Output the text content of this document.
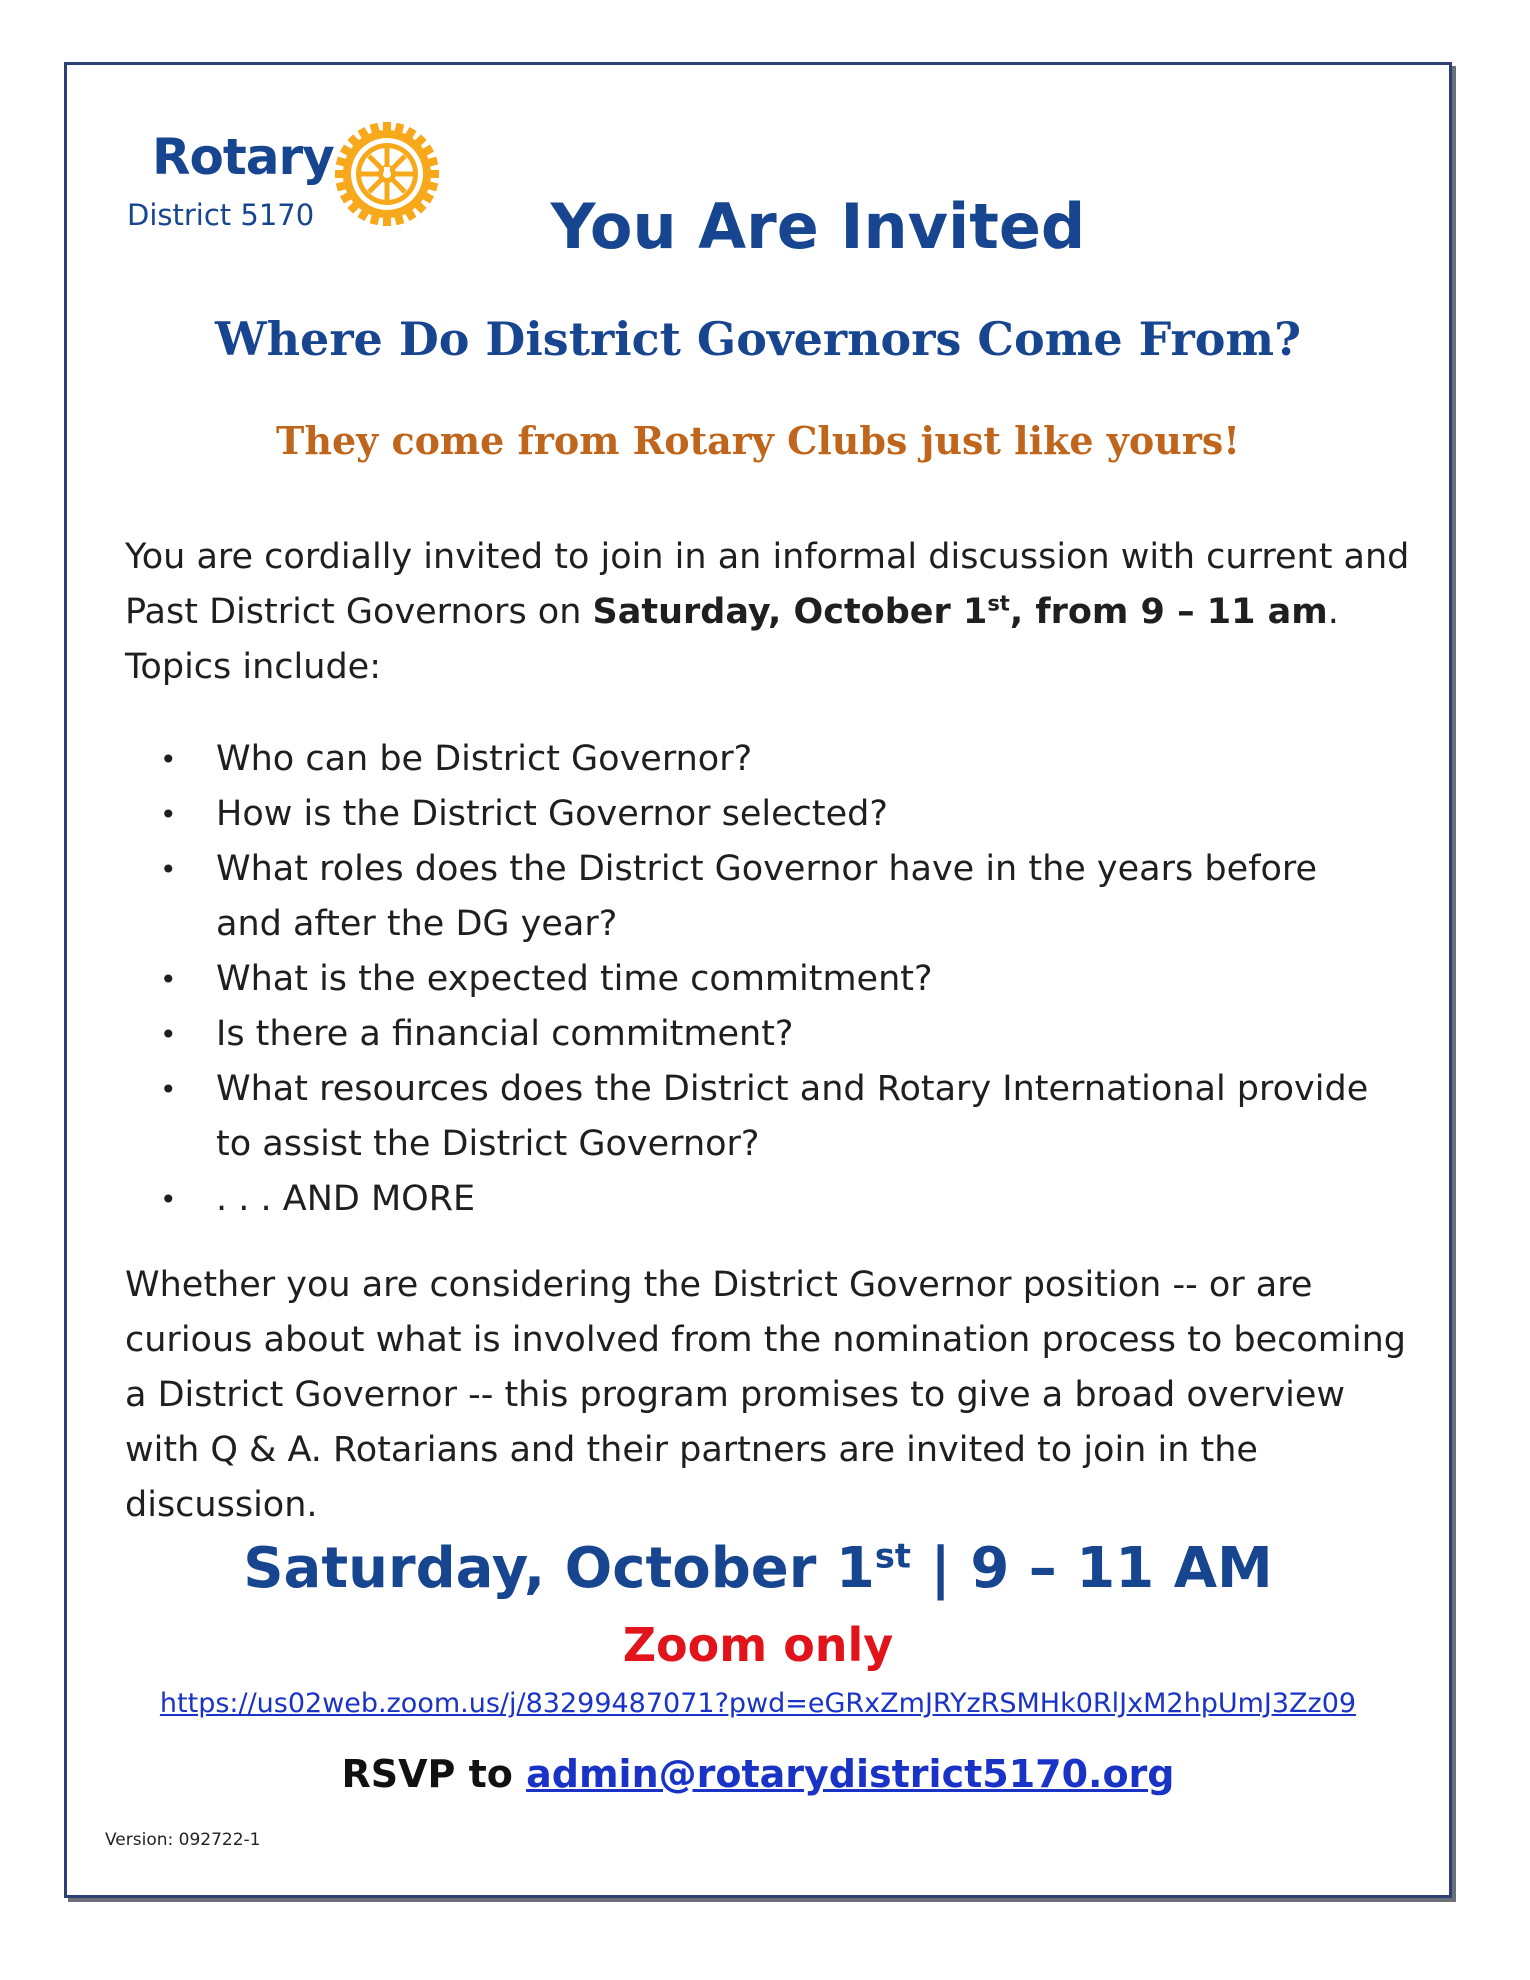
Rotary
District 5170	You Are Invited
Where Do District Governors Come From?
They come from Rotary Clubs just like yours!
You are cordially invited to join in an informal discussion with current and Past District Governors on Saturday, October 1st, from 9 – 11 am. Topics include:
• Who can be District Governor?
• How is the District Governor selected?
• What roles does the District Governor have in the years before and after the DG year?
• What is the expected time commitment?
• Is there a financial commitment?
• What resources does the District and Rotary International provide to assist the District Governor?
• . . . AND MORE
Whether you are considering the District Governor position -- or are curious about what is involved from the nomination process to becoming a District Governor -- this program promises to give a broad overview with Q & A. Rotarians and their partners are invited to join in the discussion.
Saturday, October 1st | 9 – 11 AM
Zoom only
https://us02web.zoom.us/j/83299487071?pwd=eGRxZmJRYzRSMHk0RlJxM2hpUmJ3Zz09
RSVP to admin@rotarydistrict5170.org
Version: 092722-1
